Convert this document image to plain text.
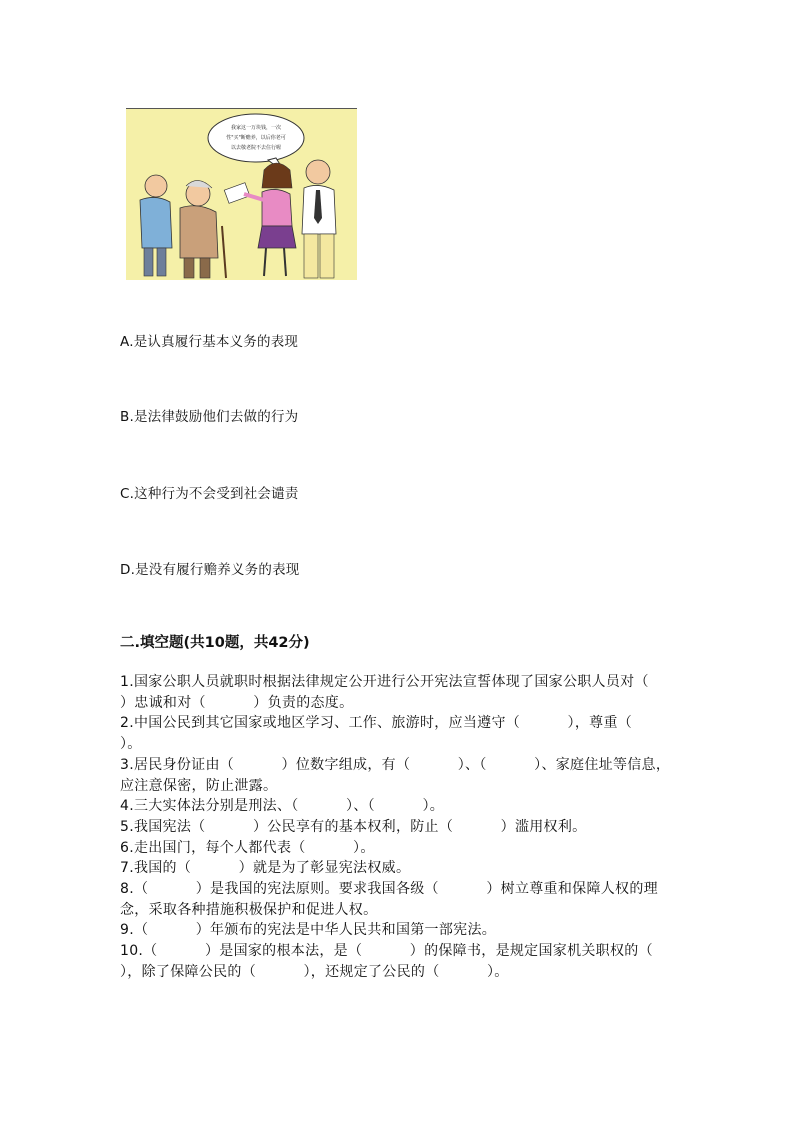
我家这一万块钱，一次
性"买"断赡养，以后你老可
以去敬老院不去住行喔
A.是认真履行基本义务的表现
B.是法律鼓励他们去做的行为
C.这种行为不会受到社会谴责
D.是没有履行赡养义务的表现
二.填空题(共10题，共42分)

1.国家公职人员就职时根据法律规定公开进行公开宪法宣誓体现了国家公职人员对（          ）忠诚和对（          ）负责的态度。

2.中国公民到其它国家或地区学习、工作、旅游时，应当遵守（          ），尊重（          ）。

3.居民身份证由（          ）位数字组成，有（          ）、（          ）、家庭住址等信息，应注意保密，防止泄露。

4.三大实体法分别是刑法、（          ）、（          ）。

5.我国宪法（          ）公民享有的基本权利，防止（          ）滥用权利。

6.走出国门，每个人都代表（          ）。

7.我国的（          ）就是为了彰显宪法权威。

8.（          ）是我国的宪法原则。要求我国各级（          ）树立尊重和保障人权的理念，采取各种措施积极保护和促进人权。

9.（          ）年颁布的宪法是中华人民共和国第一部宪法。

10.（          ）是国家的根本法，是（          ）的保障书，是规定国家机关职权的（          ），除了保障公民的（          ），还规定了公民的（          ）。
